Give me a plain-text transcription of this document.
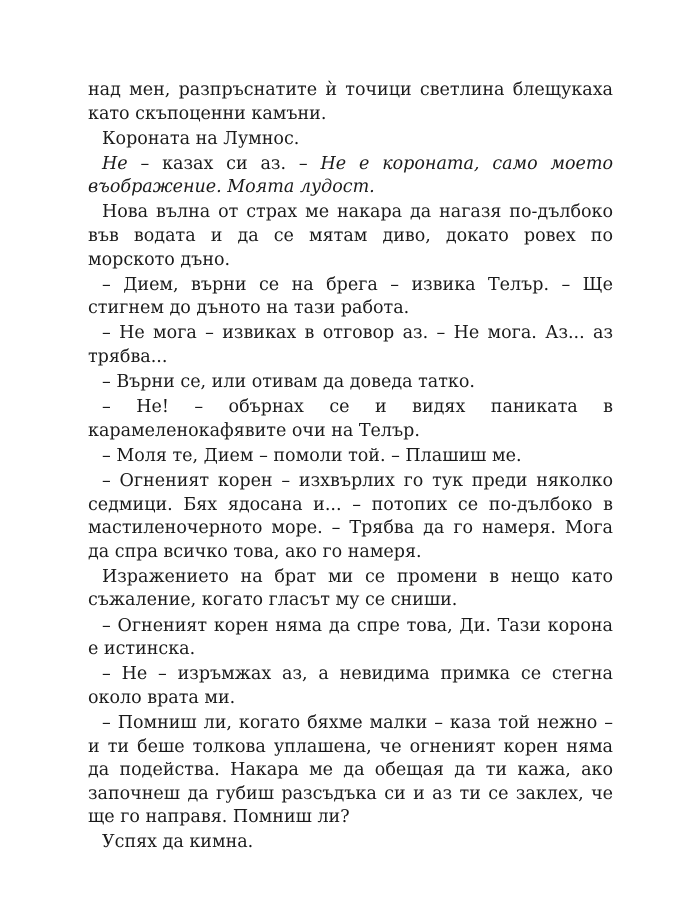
над мен, разпръснатите ѝ точици светлина блещукаха като скъпоценни камъни.

Короната на Лумнос.

Не – казах си аз. – Не е короната, само моето въображение. Моята лудост.

Нова вълна от страх ме накара да нагазя по-дълбоко във водата и да се мятам диво, докато ровех по морското дъно.

– Дием, върни се на брега – извика Телър. – Ще стигнем до дъното на тази работа.

– Не мога – извиках в отговор аз. – Не мога. Аз... аз трябва...

– Върни се, или отивам да доведа татко.

– Не! – обърнах се и видях паниката в карамеленокафявите очи на Телър.

– Моля те, Дием – помоли той. – Плашиш ме.

– Огненият корен – изхвърлих го тук преди няколко седмици. Бях ядосана и... – потопих се по-дълбоко в мастиленочерното море. – Трябва да го намеря. Мога да спра всичко това, ако го намеря.

Изражението на брат ми се промени в нещо като съжаление, когато гласът му се сниши.

– Огненият корен няма да спре това, Ди. Тази корона е истинска.

– Не – изръмжах аз, а невидима примка се стегна около врата ми.

– Помниш ли, когато бяхме малки – каза той нежно – и ти беше толкова уплашена, че огненият корен няма да подейства. Накара ме да обещая да ти кажа, ако започнеш да губиш разсъдъка си и аз ти се заклех, че ще го направя. Помниш ли?

Успях да кимна.
